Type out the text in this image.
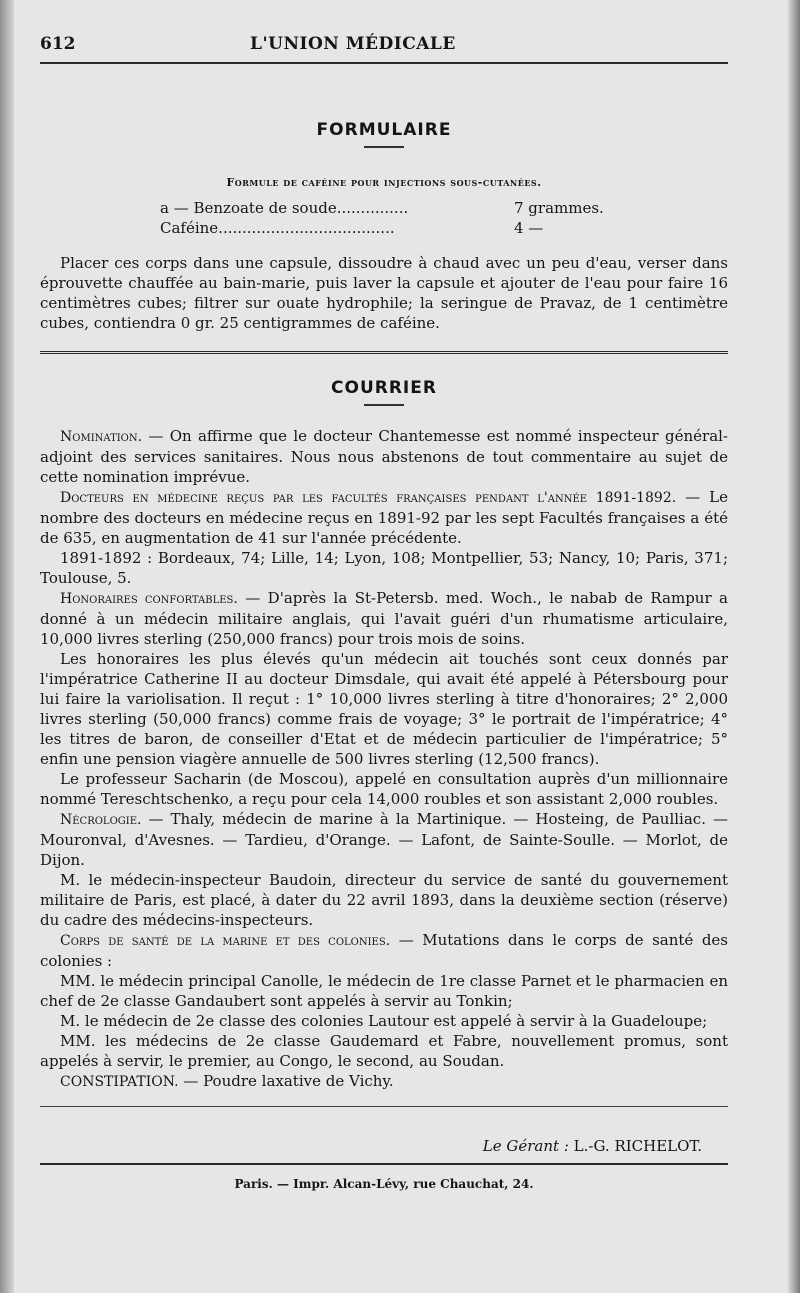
612	L'UNION MÉDICALE
FORMULAIRE
Formule de caféine pour injections sous-cutanées.
a — Benzoate de soude...............	7 grammes.
Caféine.....................................	4 —

Placer ces corps dans une capsule, dissoudre à chaud avec un peu d'eau, verser dans éprouvette chauffée au bain-marie, puis laver la capsule et ajouter de l'eau pour faire 16 centimètres cubes; filtrer sur ouate hydrophile; la seringue de Pravaz, de 1 centimètre cubes, contiendra 0 gr. 25 centigrammes de caféine.

COURRIER

Nomination. — On affirme que le docteur Chantemesse est nommé inspecteur général-adjoint des services sanitaires. Nous nous abstenons de tout commentaire au sujet de cette nomination imprévue.

Docteurs en médecine reçus par les facultés françaises pendant l'année 1891-1892. — Le nombre des docteurs en médecine reçus en 1891-92 par les sept Facultés françaises a été de 635, en augmentation de 41 sur l'année précédente.

1891-1892 : Bordeaux, 74; Lille, 14; Lyon, 108; Montpellier, 53; Nancy, 10; Paris, 371; Toulouse, 5.

Honoraires confortables. — D'après la St-Petersb. med. Woch., le nabab de Rampur a donné à un médecin militaire anglais, qui l'avait guéri d'un rhumatisme articulaire, 10,000 livres sterling (250,000 francs) pour trois mois de soins.

Les honoraires les plus élevés qu'un médecin ait touchés sont ceux donnés par l'impératrice Catherine II au docteur Dimsdale, qui avait été appelé à Pétersbourg pour lui faire la variolisation. Il reçut : 1° 10,000 livres sterling à titre d'honoraires; 2° 2,000 livres sterling (50,000 francs) comme frais de voyage; 3° le portrait de l'impératrice; 4° les titres de baron, de conseiller d'Etat et de médecin particulier de l'impératrice; 5° enfin une pension viagère annuelle de 500 livres sterling (12,500 francs).

Le professeur Sacharin (de Moscou), appelé en consultation auprès d'un millionnaire nommé Tereschtschenko, a reçu pour cela 14,000 roubles et son assistant 2,000 roubles.

Nécrologie. — Thaly, médecin de marine à la Martinique. — Hosteing, de Paulliac. — Mouronval, d'Avesnes. — Tardieu, d'Orange. — Lafont, de Sainte-Soulle. — Morlot, de Dijon.

M. le médecin-inspecteur Baudoin, directeur du service de santé du gouvernement militaire de Paris, est placé, à dater du 22 avril 1893, dans la deuxième section (réserve) du cadre des médecins-inspecteurs.

Corps de santé de la marine et des colonies. — Mutations dans le corps de santé des colonies :

MM. le médecin principal Canolle, le médecin de 1re classe Parnet et le pharmacien en chef de 2e classe Gandaubert sont appelés à servir au Tonkin;

M. le médecin de 2e classe des colonies Lautour est appelé à servir à la Guadeloupe;

MM. les médecins de 2e classe Gaudemard et Fabre, nouvellement promus, sont appelés à servir, le premier, au Congo, le second, au Soudan.

CONSTIPATION. — Poudre laxative de Vichy.

Le Gérant : L.-G. RICHELOT.
Paris. — Impr. Alcan-Lévy, rue Chauchat, 24.
